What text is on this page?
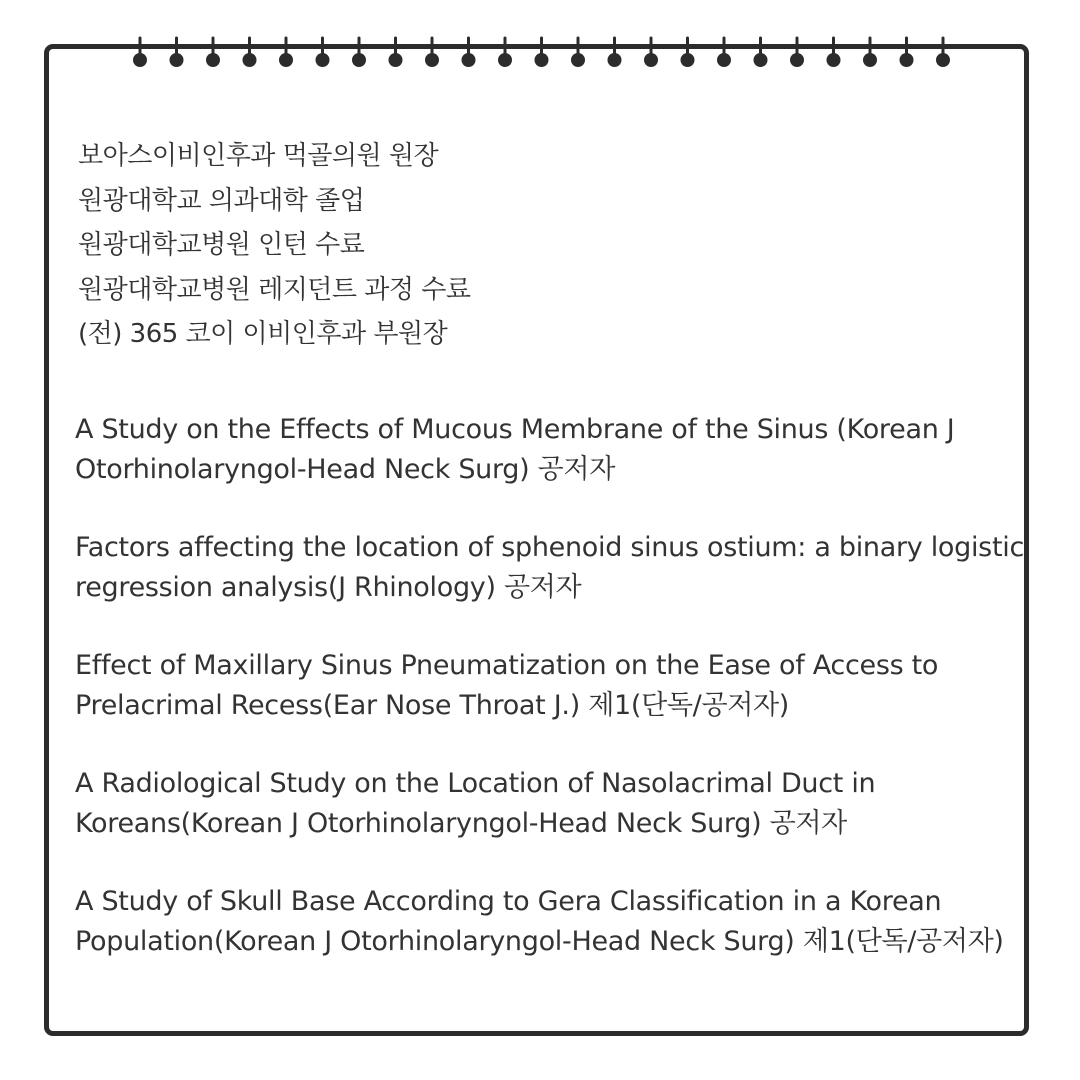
보아스이비인후과 먹골의원 원장
원광대학교 의과대학 졸업
원광대학교병원 인턴 수료
원광대학교병원 레지던트 과정 수료
(전) 365 코이 이비인후과 부원장
A Study on the Effects of Mucous Membrane of the Sinus (Korean J Otorhinolaryngol-Head Neck Surg) 공저자
Factors affecting the location of sphenoid sinus ostium: a binary logistic regression analysis(J Rhinology) 공저자
Effect of Maxillary Sinus Pneumatization on the Ease of Access to Prelacrimal Recess(Ear Nose Throat J.) 제1(단독/공저자)
A Radiological Study on the Location of Nasolacrimal Duct in Koreans(Korean J Otorhinolaryngol-Head Neck Surg) 공저자
A Study of Skull Base According to Gera Classification in a Korean Population(Korean J Otorhinolaryngol-Head Neck Surg) 제1(단독/공저자)
